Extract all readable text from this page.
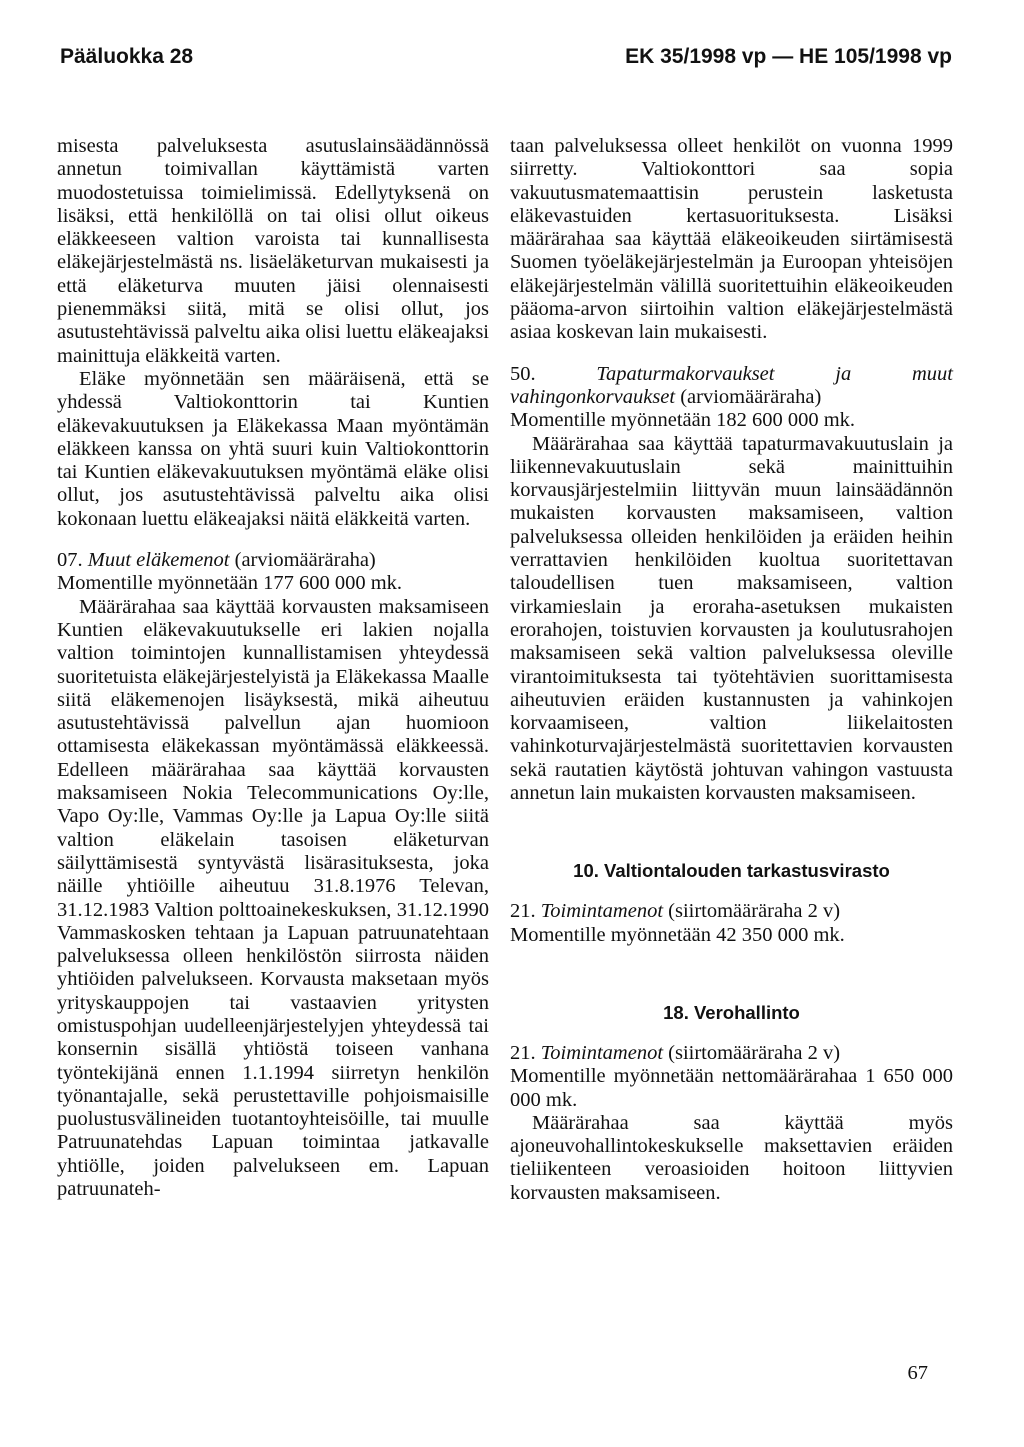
Pääluokka 28	EK 35/1998 vp — HE 105/1998 vp

misesta palveluksesta asutuslainsäädännössä annetun toimivallan käyttämistä varten muodostetuissa toimielimissä. Edellytyksenä on lisäksi, että henkilöllä on tai olisi ollut oikeus eläkkeeseen valtion varoista tai kunnallisesta eläkejärjestelmästä ns. lisäeläketurvan mukaisesti ja että eläketurva muuten jäisi olennaisesti pienemmäksi siitä, mitä se olisi ollut, jos asutustehtävissä palveltu aika olisi luettu eläkeajaksi mainittuja eläkkeitä varten.

Eläke myönnetään sen määräisenä, että se yhdessä Valtiokonttorin tai Kuntien eläkevakuutuksen ja Eläkekassa Maan myöntämän eläkkeen kanssa on yhtä suuri kuin Valtiokonttorin tai Kuntien eläkevakuutuksen myöntämä eläke olisi ollut, jos asutustehtävissä palveltu aika olisi kokonaan luettu eläkeajaksi näitä eläkkeitä varten.

07. Muut eläkemenot (arviomääräraha)

Momentille myönnetään 177 600 000 mk.

Määrärahaa saa käyttää korvausten maksamiseen Kuntien eläkevakuutukselle eri lakien nojalla valtion toimintojen kunnallistamisen yhteydessä suoritetuista eläkejärjestelyistä ja Eläkekassa Maalle siitä eläkemenojen lisäyksestä, mikä aiheutuu asutustehtävissä palvellun ajan huomioon ottamisesta eläkekassan myöntämässä eläkkeessä. Edelleen määrärahaa saa käyttää korvausten maksamiseen Nokia Telecommunications Oy:lle, Vapo Oy:lle, Vammas Oy:lle ja Lapua Oy:lle siitä valtion eläkelain tasoisen eläketurvan säilyttämisestä syntyvästä lisärasituksesta, joka näille yhtiöille aiheutuu 31.8.1976 Televan, 31.12.1983 Valtion polttoainekeskuksen, 31.12.1990 Vammaskosken tehtaan ja Lapuan patruunatehtaan palveluksessa olleen henkilöstön siirrosta näiden yhtiöiden palvelukseen. Korvausta maksetaan myös yrityskauppojen tai vastaavien yritysten omistuspohjan uudelleenjärjestelyjen yhteydessä tai konsernin sisällä yhtiöstä toiseen vanhana työntekijänä ennen 1.1.1994 siirretyn henkilön työnantajalle, sekä perustettaville pohjoismaisille puolustusvälineiden tuotantoyhteisöille, tai muulle Patruunatehdas Lapuan toimintaa jatkavalle yhtiölle, joiden palvelukseen em. Lapuan patruunateh-

taan palveluksessa olleet henkilöt on vuonna 1999 siirretty. Valtiokonttori saa sopia vakuutusmatemaattisin perustein lasketusta eläkevastuiden kertasuorituksesta. Lisäksi määrärahaa saa käyttää eläkeoikeuden siirtämisestä Suomen työeläkejärjestelmän ja Euroopan yhteisöjen eläkejärjestelmän välillä suoritettuihin eläkeoikeuden pääoma-arvon siirtoihin valtion eläkejärjestelmästä asiaa koskevan lain mukaisesti.

50.	Tapaturmakorvaukset ja muut vahingonkorvaukset (arviomääräraha)

Momentille myönnetään 182 600 000 mk.

Määrärahaa saa käyttää tapaturmavakuutuslain ja liikennevakuutuslain sekä mainittuihin korvausjärjestelmiin liittyvän muun lainsäädännön mukaisten korvausten maksamiseen, valtion palveluksessa olleiden henkilöiden ja eräiden heihin verrattavien henkilöiden kuoltua suoritettavan taloudellisen tuen maksamiseen, valtion virkamieslain ja eroraha-asetuksen mukaisten erorahojen, toistuvien korvausten ja koulutusrahojen maksamiseen sekä valtion palveluksessa oleville virantoimituksesta tai työtehtävien suorittamisesta aiheutuvien eräiden kustannusten ja vahinkojen korvaamiseen, valtion liikelaitosten vahinkoturvajärjestelmästä suoritettavien korvausten sekä rautatien käytöstä johtuvan vahingon vastuusta annetun lain mukaisten korvausten maksamiseen.

10. Valtiontalouden tarkastusvirasto

21. Toimintamenot (siirtomääräraha 2 v)

Momentille myönnetään 42 350 000 mk.

18. Verohallinto

21. Toimintamenot (siirtomääräraha 2 v)

Momentille myönnetään nettomäärärahaa 1 650 000 000 mk.

Määrärahaa saa käyttää myös ajoneuvohallintokeskukselle maksettavien eräiden tieliikenteen veroasioiden hoitoon liittyvien korvausten maksamiseen.

67
